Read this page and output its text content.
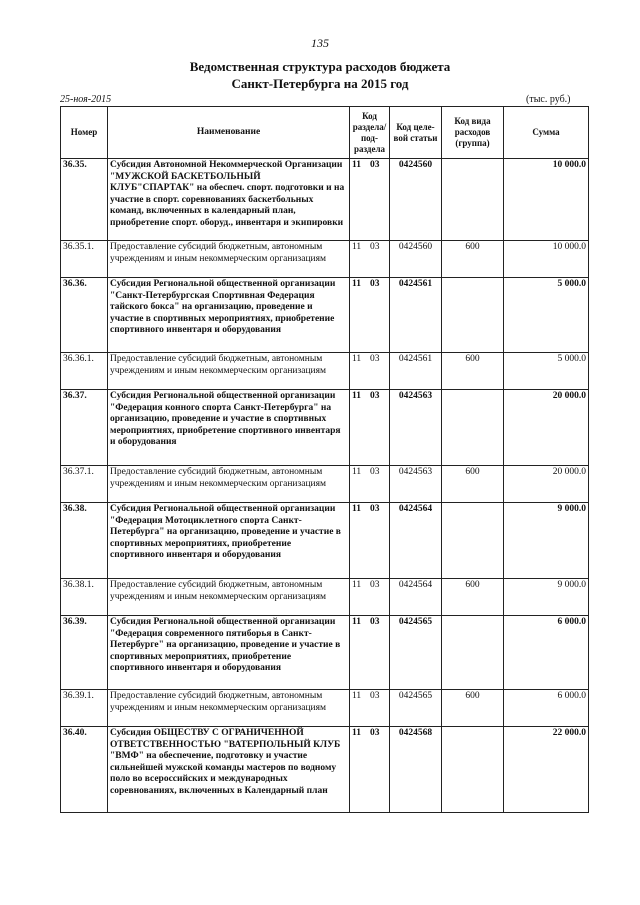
135
Ведомственная структура расходов бюджета
Санкт-Петербурга на 2015 год
25-ноя-2015	(тыс. руб.)
Номер	Наименование	Код раздела/ под-раздела	Код целе-вой статьи	Код вида расходов (группа)	Сумма
36.35.	Субсидия Автономной Некоммерческой Организации "МУЖСКОЙ БАСКЕТБОЛЬНЫЙ КЛУБ"СПАРТАК" на обеспеч. спорт. подготовки и на участие в спорт. соревнованиях баскетбольных команд, включенных в календарный план, приобретение спорт. оборуд., инвентаря и экипировки	11 03	0424560		10 000.0
36.35.1.	Предоставление субсидий бюджетным, автономным учреждениям и иным некоммерческим организациям	11 03	0424560	600	10 000.0
36.36.	Субсидия Региональной общественной организации "Санкт-Петербургская Спортивная Федерация тайского бокса" на организацию, проведение и участие в спортивных мероприятиях, приобретение спортивного инвентаря и оборудования	11 03	0424561		5 000.0
36.36.1.	Предоставление субсидий бюджетным, автономным учреждениям и иным некоммерческим организациям	11 03	0424561	600	5 000.0
36.37.	Субсидия Региональной общественной организации "Федерация конного спорта Санкт-Петербурга" на организацию, проведение и участие в спортивных мероприятиях, приобретение спортивного инвентаря и оборудования	11 03	0424563		20 000.0
36.37.1.	Предоставление субсидий бюджетным, автономным учреждениям и иным некоммерческим организациям	11 03	0424563	600	20 000.0
36.38.	Субсидия Региональной общественной организации "Федерация Мотоциклетного спорта Санкт-Петербурга" на организацию, проведение и участие в спортивных мероприятиях, приобретение спортивного инвентаря и оборудования	11 03	0424564		9 000.0
36.38.1.	Предоставление субсидий бюджетным, автономным учреждениям и иным некоммерческим организациям	11 03	0424564	600	9 000.0
36.39.	Субсидия Региональной общественной организации "Федерация современного пятиборья в Санкт-Петербурге" на организацию, проведение и участие в спортивных мероприятиях, приобретение спортивного инвентаря и оборудования	11 03	0424565		6 000.0
36.39.1.	Предоставление субсидий бюджетным, автономным учреждениям и иным некоммерческим организациям	11 03	0424565	600	6 000.0
36.40.	Субсидия ОБЩЕСТВУ С ОГРАНИЧЕННОЙ ОТВЕТСТВЕННОСТЬЮ "ВАТЕРПОЛЬНЫЙ КЛУБ "ВМФ" на обеспечение, подготовку и участие сильнейшей мужской команды мастеров по водному поло во всероссийских и международных соревнованиях, включенных в Календарный план	11 03	0424568		22 000.0
